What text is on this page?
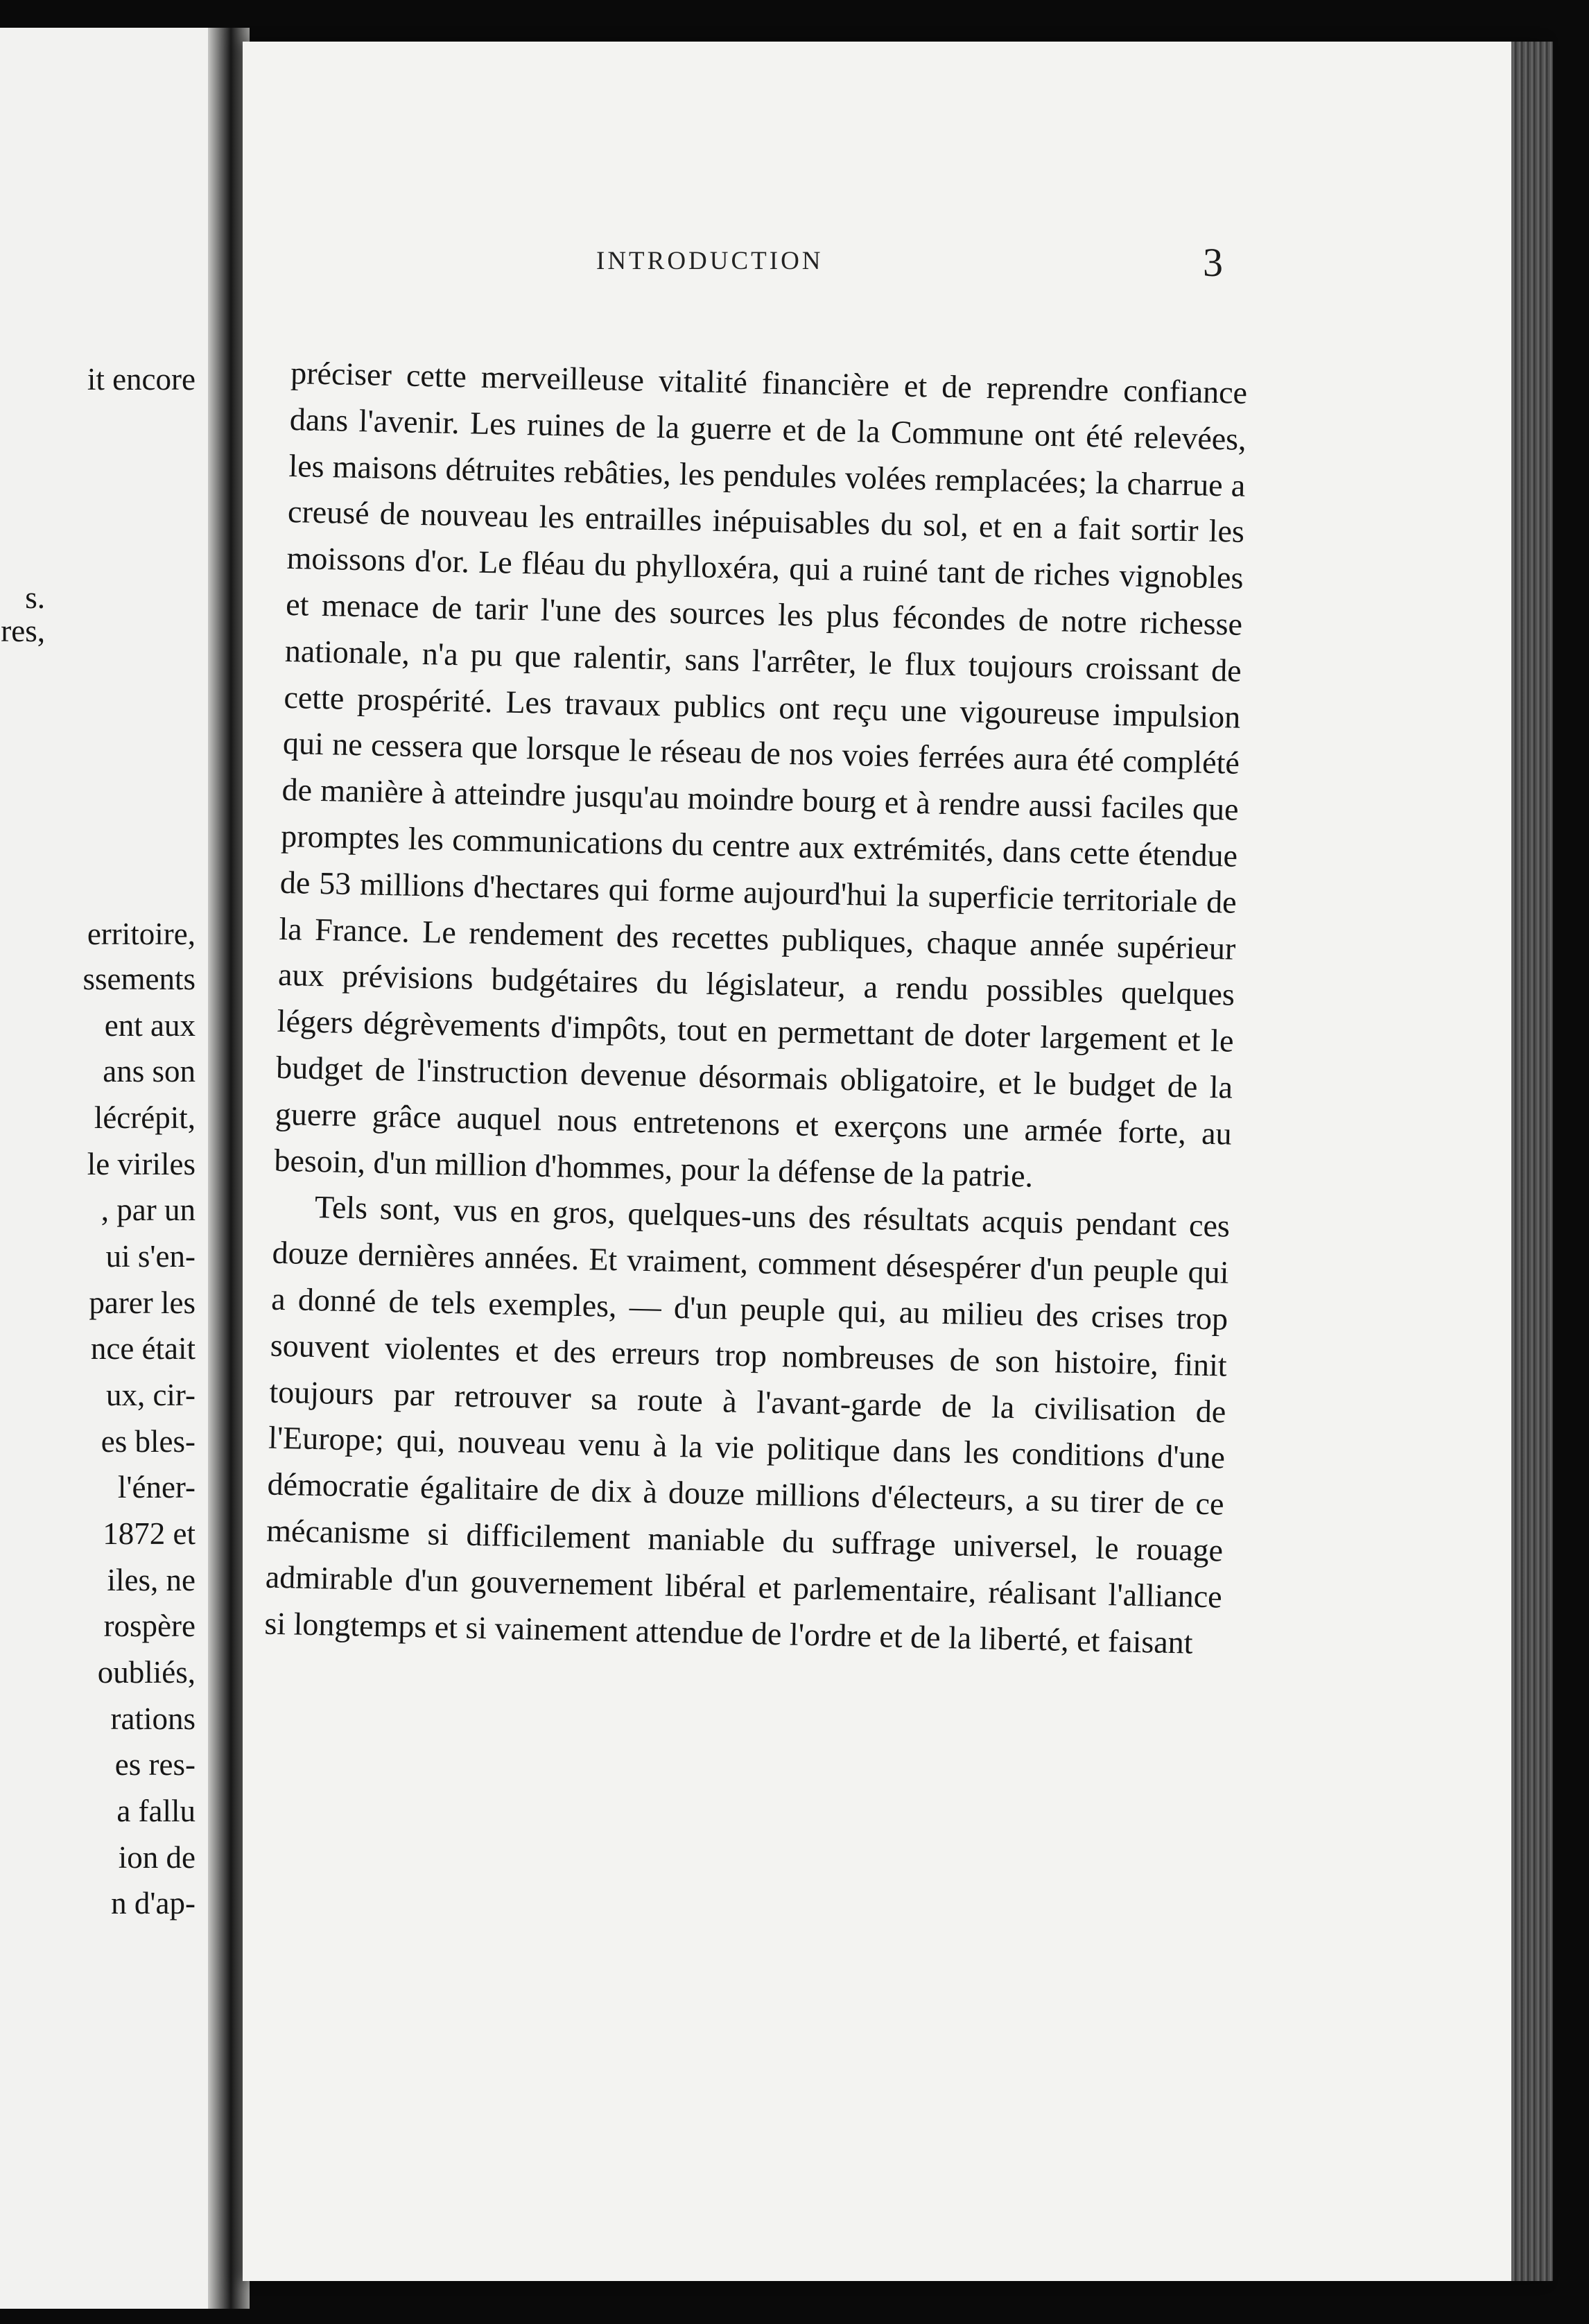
it encore
s.
res,
erritoire,
ssements
ent aux
ans son
lécrépit,
le viriles
, par un
ui s'en-
parer les
nce était
ux, cir-
es bles-
l'éner-
1872 et
iles, ne
rospère
oubliés,
rations
es res-
a fallu
ion de
n d'ap-
INTRODUCTION	3

préciser cette merveilleuse vitalité financière et de reprendre confiance dans l'avenir. Les ruines de la guerre et de la Commune ont été relevées, les maisons détruites rebâties, les pendules volées remplacées; la charrue a creusé de nouveau les entrailles inépuisables du sol, et en a fait sortir les moissons d'or. Le fléau du phylloxéra, qui a ruiné tant de riches vignobles et menace de tarir l'une des sources les plus fécondes de notre richesse nationale, n'a pu que ralentir, sans l'arrêter, le flux toujours croissant de cette prospérité. Les travaux publics ont reçu une vigoureuse impulsion qui ne cessera que lorsque le réseau de nos voies ferrées aura été complété de manière à atteindre jusqu'au moindre bourg et à rendre aussi faciles que promptes les communications du centre aux extrémités, dans cette étendue de 53 millions d'hectares qui forme aujourd'hui la superficie territoriale de la France. Le rendement des recettes publiques, chaque année supérieur aux prévisions budgétaires du législateur, a rendu possibles quelques légers dégrèvements d'impôts, tout en permettant de doter largement et le budget de l'instruction devenue désormais obligatoire, et le budget de la guerre grâce auquel nous entretenons et exerçons une armée forte, au besoin, d'un million d'hommes, pour la défense de la patrie.

Tels sont, vus en gros, quelques-uns des résultats acquis pendant ces douze dernières années. Et vraiment, comment désespérer d'un peuple qui a donné de tels exemples, — d'un peuple qui, au milieu des crises trop souvent violentes et des erreurs trop nombreuses de son histoire, finit toujours par retrouver sa route à l'avant-garde de la civilisation de l'Europe; qui, nouveau venu à la vie politique dans les conditions d'une démocratie égalitaire de dix à douze millions d'électeurs, a su tirer de ce mécanisme si difficilement maniable du suffrage universel, le rouage admirable d'un gouvernement libéral et parlementaire, réalisant l'alliance si longtemps et si vainement attendue de l'ordre et de la liberté, et faisant
